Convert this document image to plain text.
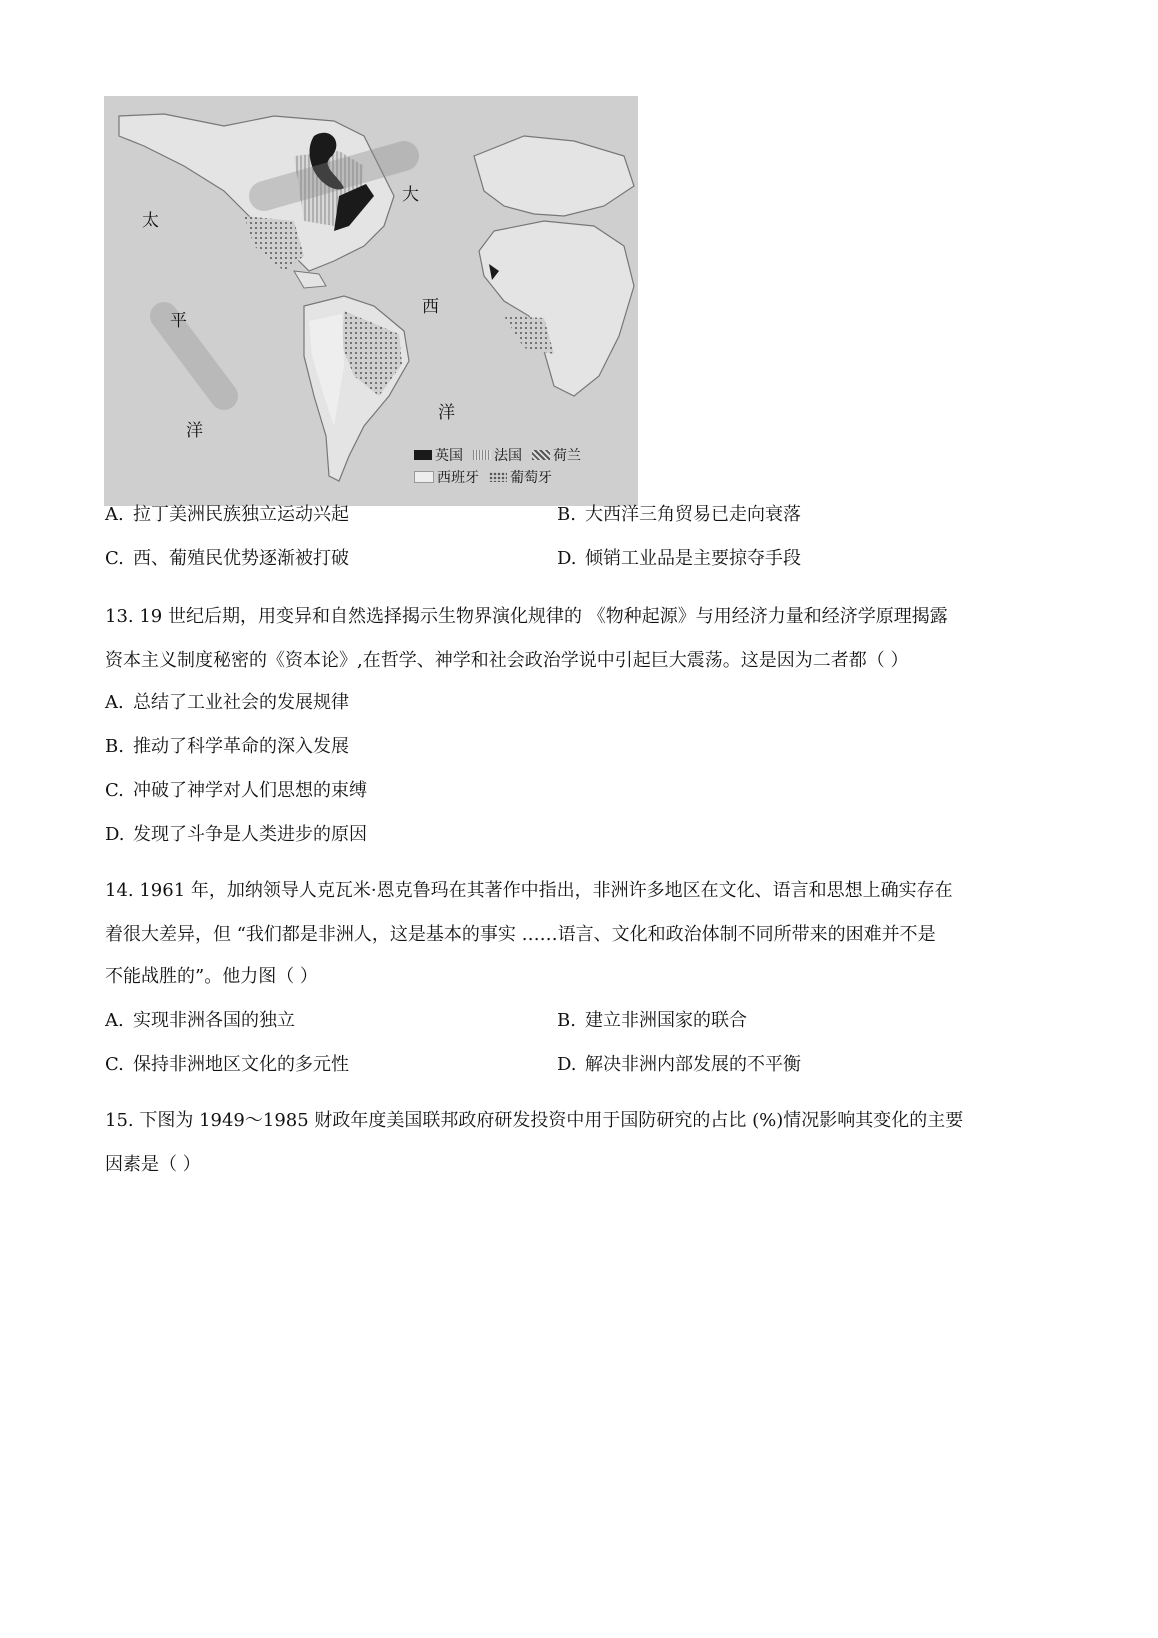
太
平
洋
大
西
洋
英国 法国 荷兰
西班牙 葡萄牙
A. 拉丁美洲民族独立运动兴起	B. 大西洋三角贸易已走向衰落
C. 西、葡殖民优势逐渐被打破	D. 倾销工业品是主要掠夺手段
13. 19 世纪后期，用变异和自然选择揭示生物界演化规律的 《物种起源》与用经济力量和经济学原理揭露
资本主义制度秘密的《资本论》,在哲学、神学和社会政治学说中引起巨大震荡。这是因为二者都（ ）
A. 总结了工业社会的发展规律
B. 推动了科学革命的深入发展
C. 冲破了神学对人们思想的束缚
D. 发现了斗争是人类进步的原因
14. 1961 年，加纳领导人克瓦米·恩克鲁玛在其著作中指出，非洲许多地区在文化、语言和思想上确实存在
着很大差异，但 “我们都是非洲人，这是基本的事实 ……语言、文化和政治体制不同所带来的困难并不是
不能战胜的”。他力图（ ）
A. 实现非洲各国的独立	B. 建立非洲国家的联合
C. 保持非洲地区文化的多元性	D. 解决非洲内部发展的不平衡
15. 下图为 1949～1985 财政年度美国联邦政府研发投资中用于国防研究的占比 (%)情况影响其变化的主要
因素是（ ）
